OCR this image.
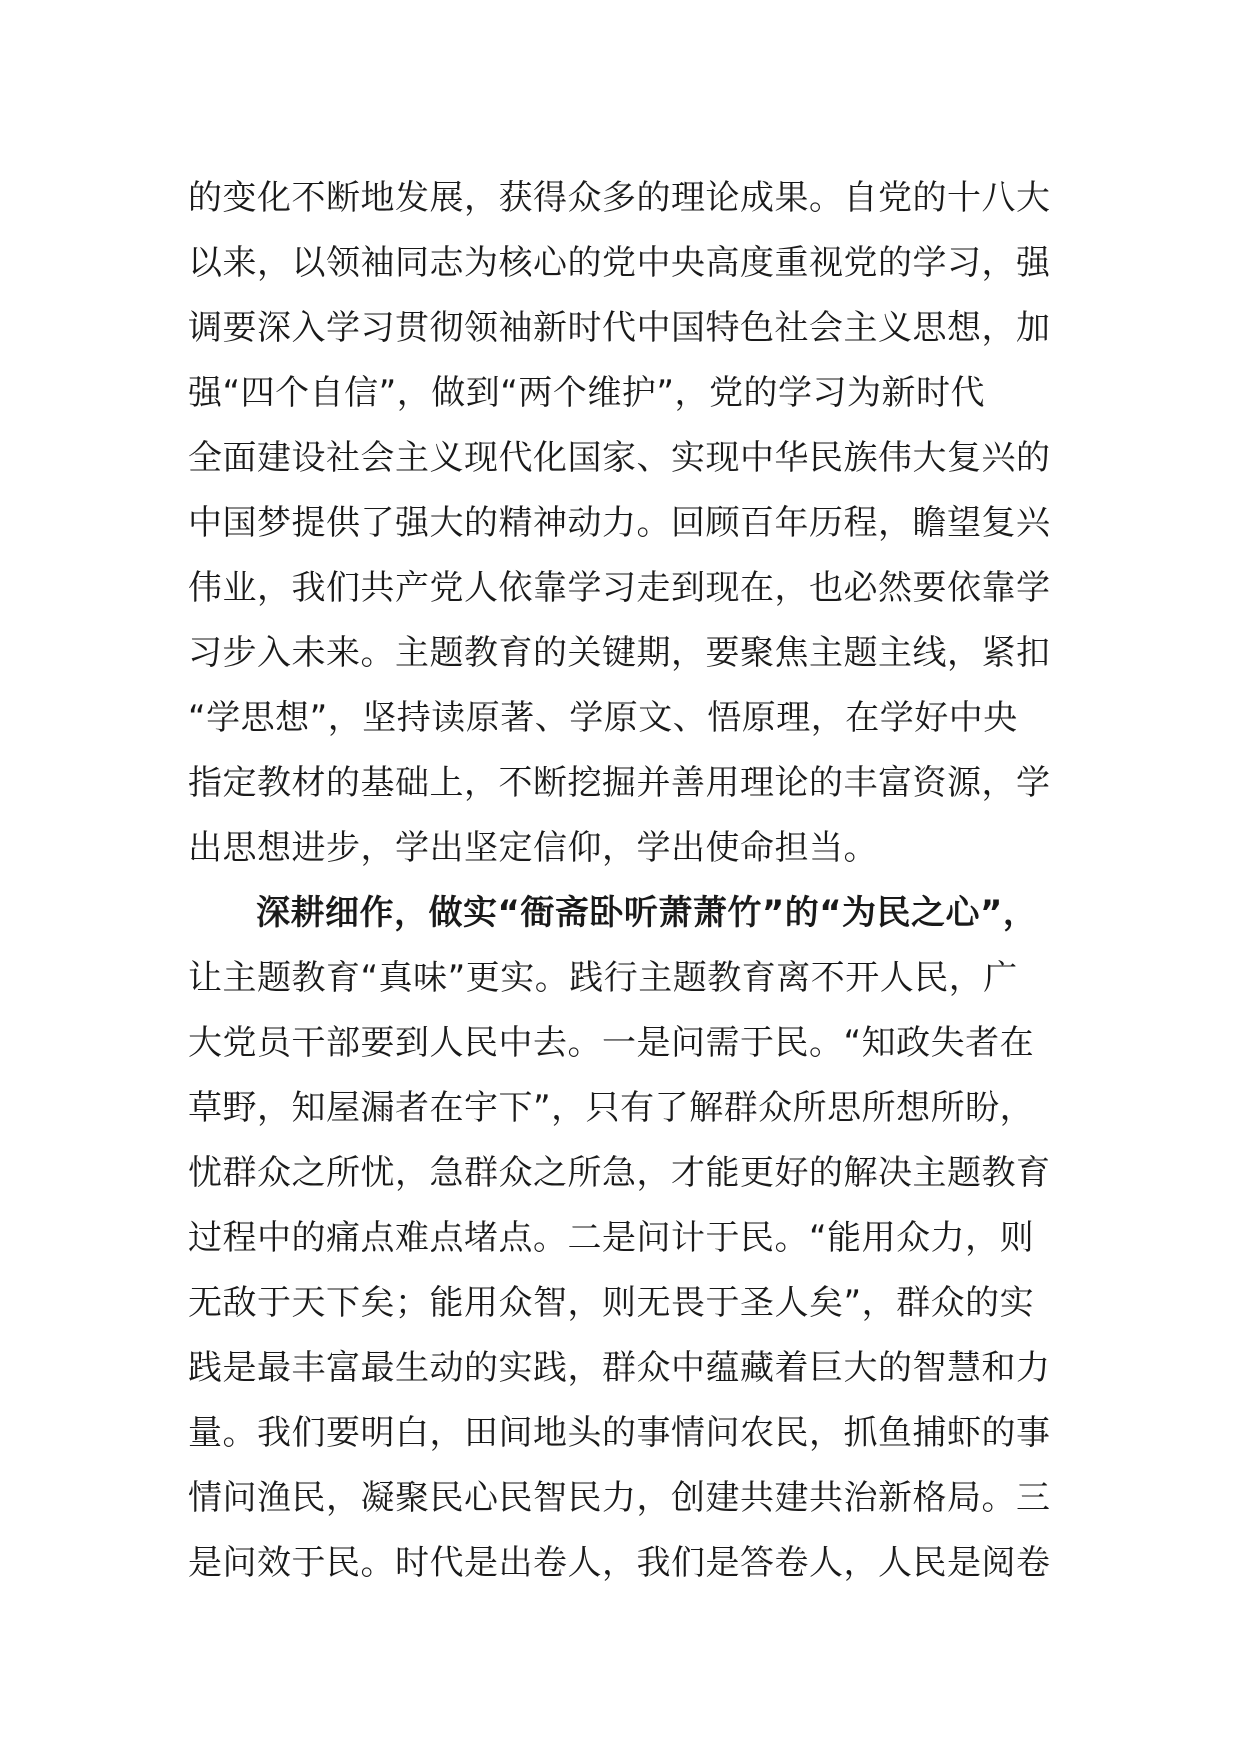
的变化不断地发展，获得众多的理论成果。自党的十八大
以来，以领袖同志为核心的党中央高度重视党的学习，强
调要深入学习贯彻领袖新时代中国特色社会主义思想，加
强“四个自信”，做到“两个维护”，党的学习为新时代
全面建设社会主义现代化国家、实现中华民族伟大复兴的
中国梦提供了强大的精神动力。回顾百年历程，瞻望复兴
伟业，我们共产党人依靠学习走到现在，也必然要依靠学
习步入未来。主题教育的关键期，要聚焦主题主线，紧扣
“学思想”，坚持读原著、学原文、悟原理，在学好中央
指定教材的基础上，不断挖掘并善用理论的丰富资源，学
出思想进步，学出坚定信仰，学出使命担当。
深耕细作，做实“衙斋卧听萧萧竹”的“为民之心”，
让主题教育“真味”更实。践行主题教育离不开人民，广
大党员干部要到人民中去。一是问需于民。“知政失者在
草野，知屋漏者在宇下”，只有了解群众所思所想所盼，
忧群众之所忧，急群众之所急，才能更好的解决主题教育
过程中的痛点难点堵点。二是问计于民。“能用众力，则
无敌于天下矣；能用众智，则无畏于圣人矣”，群众的实
践是最丰富最生动的实践，群众中蕴藏着巨大的智慧和力
量。我们要明白，田间地头的事情问农民，抓鱼捕虾的事
情问渔民，凝聚民心民智民力，创建共建共治新格局。三
是问效于民。时代是出卷人，我们是答卷人，人民是阅卷
